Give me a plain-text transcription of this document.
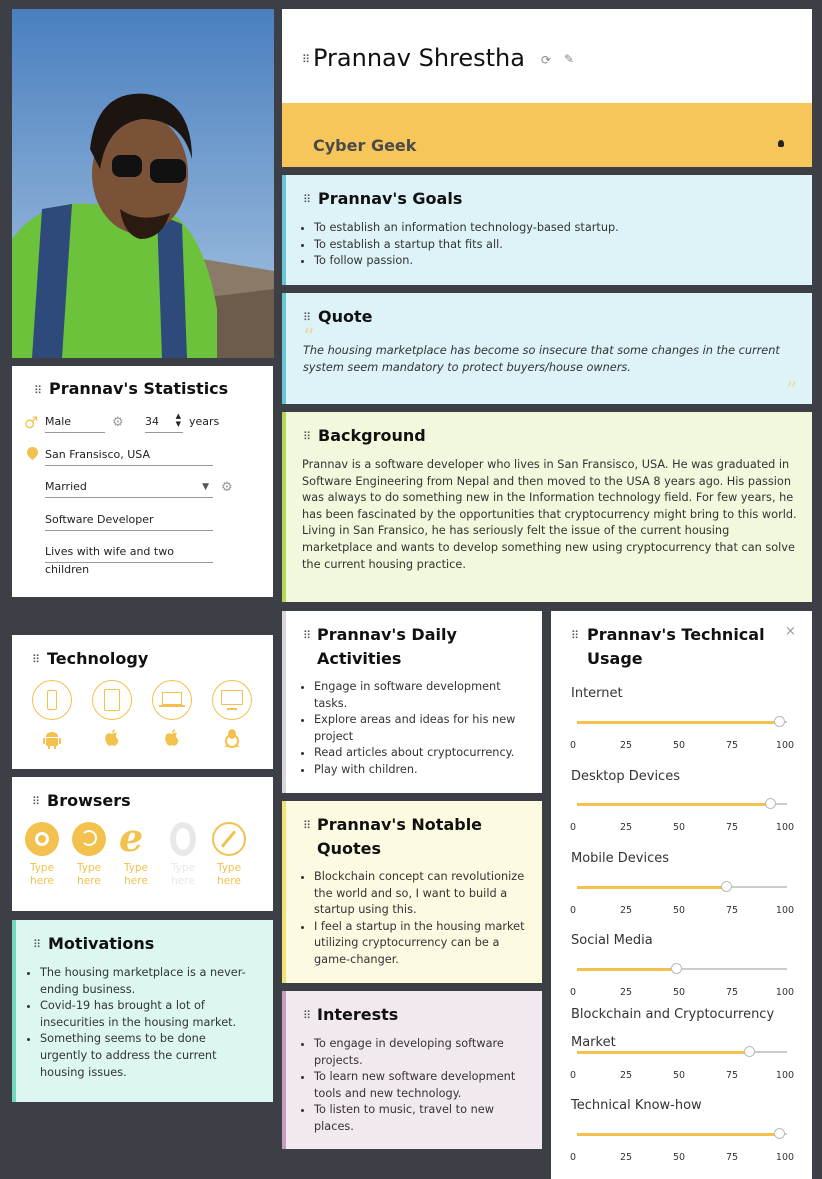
⠿ Prannav Shrestha ⟳ ✎
Cyber Geek
⠿ Prannav's Statistics
♂ Male	⚙ 34 ▲
▼ years
San Fransisco, USA
Married	▼ ⚙
Software Developer
Lives with wife and two children
⠿ Prannav's Goals
• To establish an information technology-based startup.
• To establish a startup that fits all.
• To follow passion.
⠿ Quote
“
The housing marketplace has become so insecure that some changes in the current system seem mandatory to protect buyers/house owners.
”
⠿ Background
Prannav is a software developer who lives in San Fransisco, USA. He was graduated in Software Engineering from Nepal and then moved to the USA 8 years ago. His passion was always to do something new in the Information technology field. For few years, he has been fascinated by the opportunities that cryptocurrency might bring to this world. Living in San Fransico, he has seriously felt the issue of the current housing marketplace and wants to develop something new using cryptocurrency that can solve the current housing practice.
⠿ Technology
⠿ Browsers
e
Type here
Type here
Type here
Type here
Type here
⠿ Motivations
• The housing marketplace is a never-ending business.
• Covid-19 has brought a lot of insecurities in the housing market.
• Something seems to be done urgently to address the current housing issues.
⠿ Prannav's Daily Activities
• Engage in software development tasks.
• Explore areas and ideas for his new project
• Read articles about cryptocurrency.
• Play with children.
⠿ Prannav's Notable Quotes
• Blockchain concept can revolutionize the world and so, I want to build a startup using this.
• I feel a startup in the housing market utilizing cryptocurrency can be a game-changer.
⠿ Interests
• To engage in developing software projects.
• To learn new software development tools and new technology.
• To listen to music, travel to new places.
⠿ Prannav's Technical Usage
×
Internet
0	25	50	75	100
Desktop Devices
0	25	50	75	100
Mobile Devices
0	25	50	75	100
Social Media
0	25	50	75	100
Blockchain and Cryptocurrency Market
0	25	50	75	100
Technical Know-how
0	25	50	75	100
